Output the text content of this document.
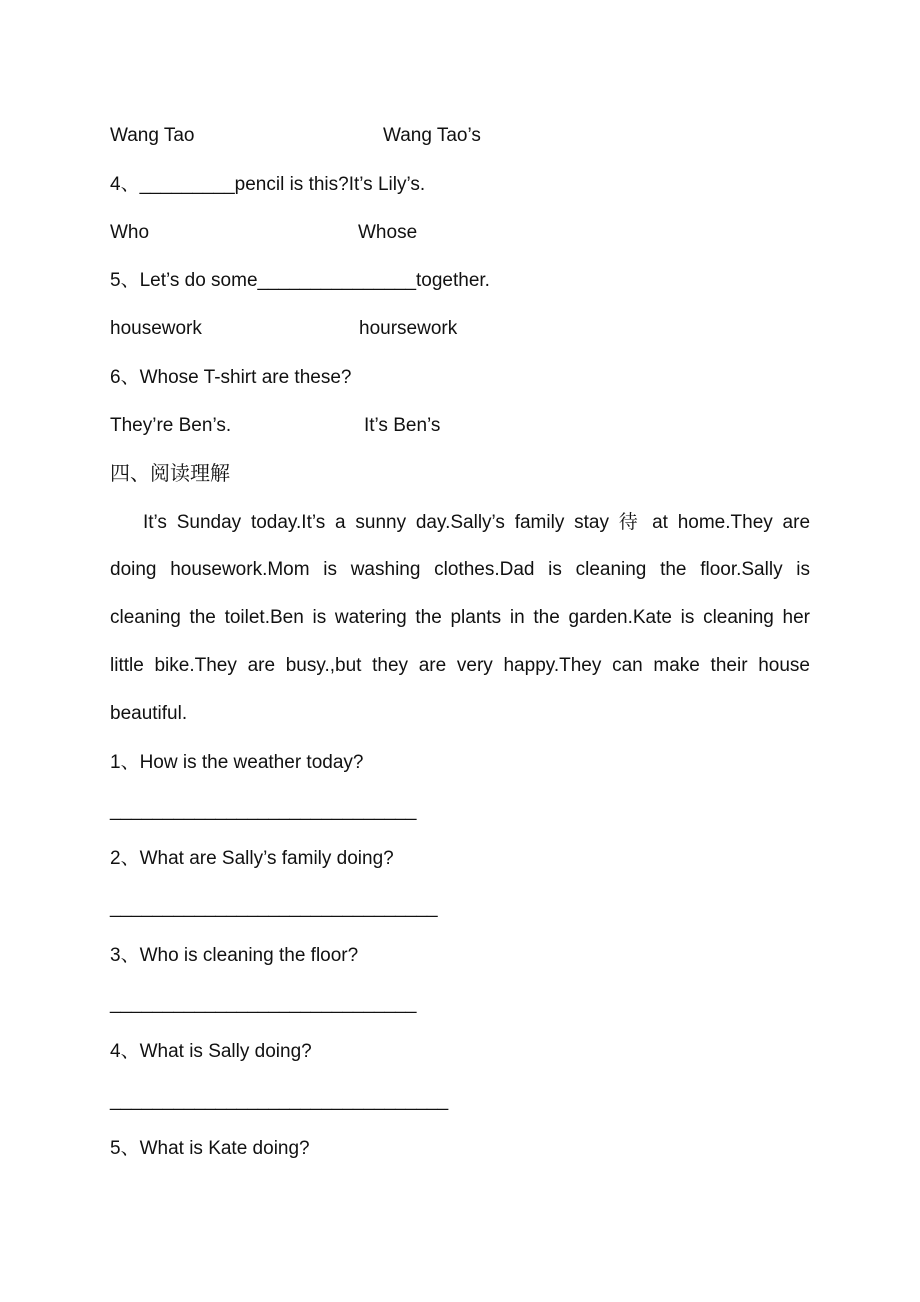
Wang Tao	Wang Tao’s
4、_________pencil is this?It’s Lily’s.
Who	Whose
5、Let’s do some_______________together.
housework	hoursework
6、Whose T-shirt are these?
They’re Ben’s.	It’s Ben’s
四、阅读理解
It’s Sunday today.It’s a sunny day.Sally’s family stay 待 at home.They are
doing housework.Mom is washing clothes.Dad is cleaning the floor.Sally is
cleaning the toilet.Ben is watering the plants in the garden.Kate is cleaning her
little bike.They are busy.,but they are very happy.They can make their house
beautiful.
1、How is the weather today?
_____________________________
2、What are Sally’s family doing?
_______________________________
3、Who is cleaning the floor?
_____________________________
4、What is Sally doing?
________________________________
5、What is Kate doing?
